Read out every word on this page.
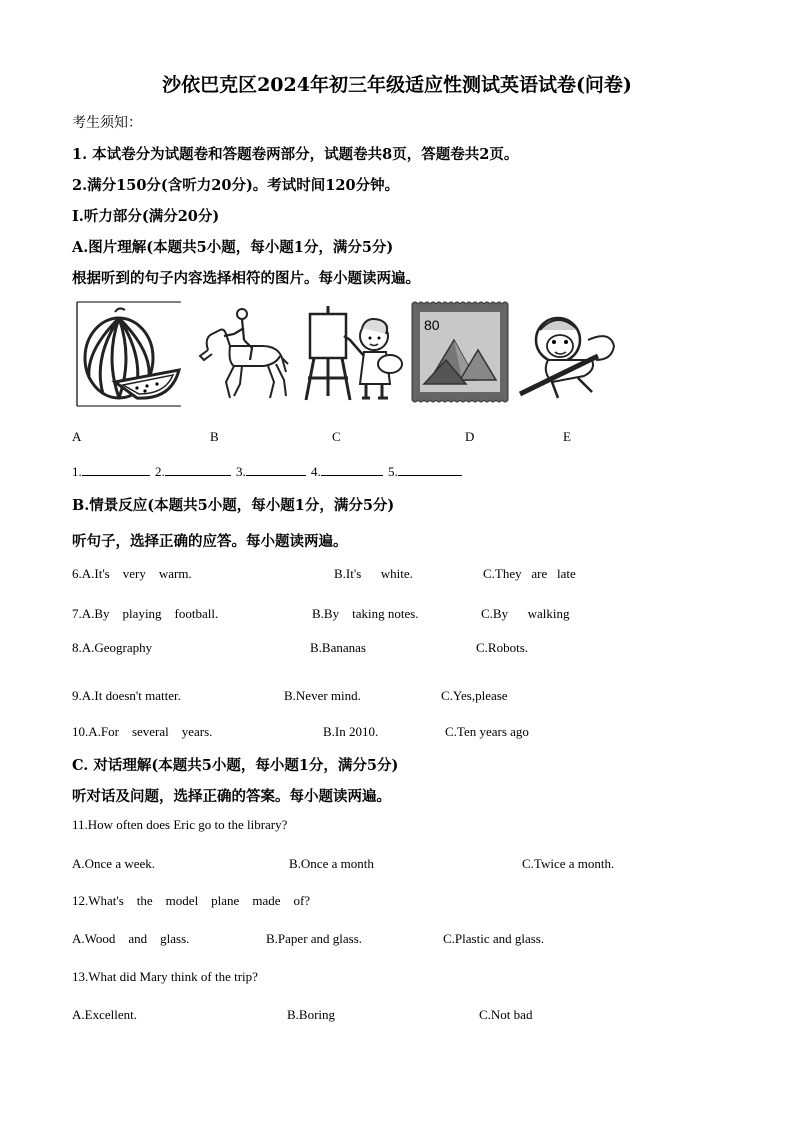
沙依巴克区2024年初三年级适应性测试英语试卷(问卷)
考生须知：
1. 本试卷分为试题卷和答题卷两部分，试题卷共8页，答题卷共2页。
2.满分150分(含听力20分)。考试时间120分钟。
I.听力部分(满分20分)
A.图片理解(本题共5小题，每小题1分，满分5分)
根据听到的句子内容选择相符的图片。每小题读两遍。
80
A	B	C	D	E
1.	2.	3.	4.	5.
B.情景反应(本题共5小题，每小题1分，满分5分)
听句子，选择正确的应答。每小题读两遍。
6.A.It's    very    warm.	B.It's      white.	C.They   are   late
7.A.By    playing    football.	B.By    taking notes.	C.By      walking
8.A.Geography	B.Bananas	C.Robots.
9.A.It doesn't matter.	B.Never mind.	C.Yes,please
10.A.For    several    years.	B.In 2010.	C.Ten years ago
C. 对话理解(本题共5小题，每小题1分，满分5分)
听对话及问题，选择正确的答案。每小题读两遍。
11.How often does Eric go to the library?
A.Once a week.	B.Once a month	C.Twice a month.
12.What's    the    model    plane    made    of?
A.Wood    and    glass.	B.Paper and glass.	C.Plastic and glass.
13.What did Mary think of the trip?
A.Excellent.	B.Boring	C.Not bad
